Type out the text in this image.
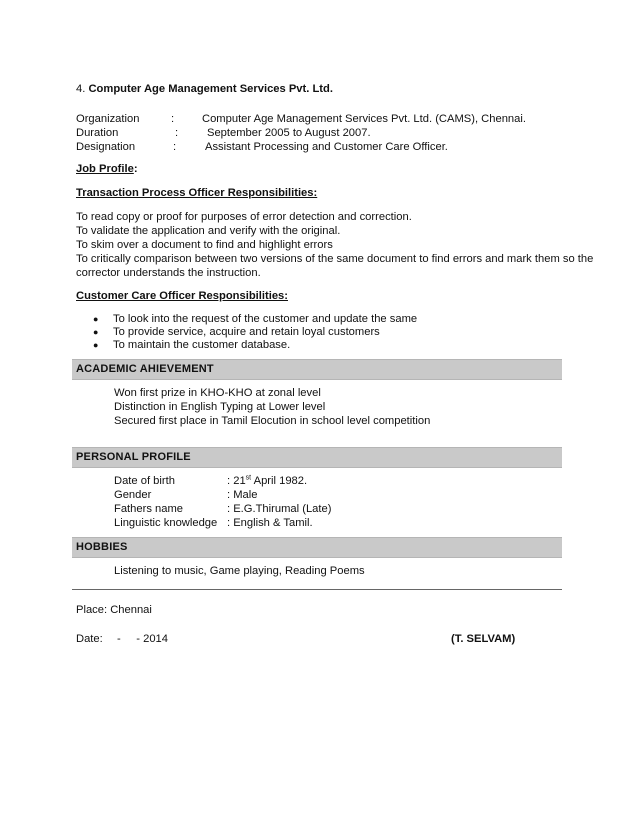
4. Computer Age Management Services Pvt. Ltd.
Organization	: Computer Age Management Services Pvt. Ltd. (CAMS), Chennai.
Duration	:	September 2005 to August 2007.
Designation	:	Assistant Processing and Customer Care Officer.
Job Profile:
Transaction Process Officer Responsibilities:
To read copy or proof for purposes of error detection and correction.
To validate the application and verify with the original.
To skim over a document to find and highlight errors
To critically comparison between two versions of the same document to find errors and mark them so the
corrector understands the instruction.
Customer Care Officer Responsibilities:
● To look into the request of the customer and update the same
● To provide service, acquire and retain loyal customers
● To maintain the customer database.
ACADEMIC AHIEVEMENT
Won first prize in KHO-KHO at zonal level
Distinction in English Typing at Lower level
Secured first place in Tamil Elocution in school level competition
PERSONAL PROFILE
Date of birth	: 21st April 1982.
Gender	: Male
Fathers name	: E.G.Thirumal (Late)
Linguistic knowledge : English & Tamil.
HOBBIES
Listening to music, Game playing, Reading Poems
Place: Chennai
Date: -     - 2014	(T. SELVAM)
